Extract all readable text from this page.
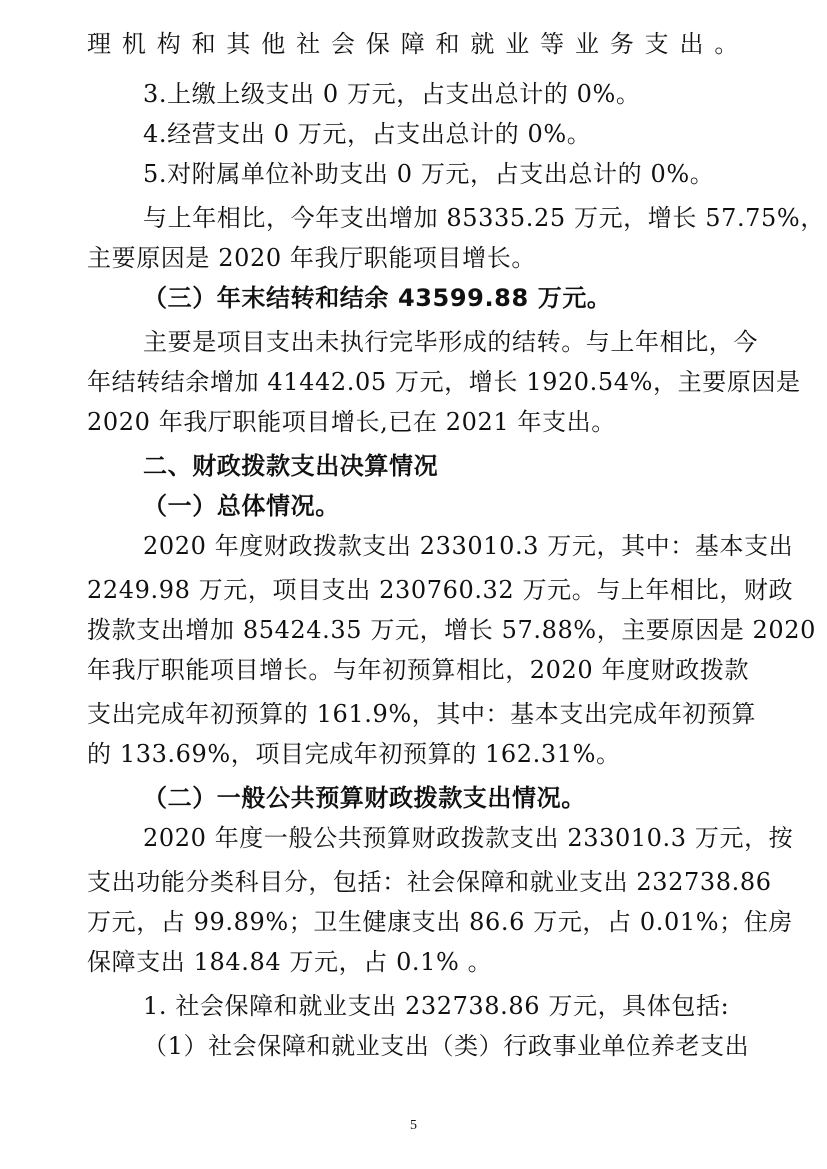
理机构和其他社会保障和就业等业务支出。
3.上缴上级支出 0 万元，占支出总计的 0%。
4.经营支出 0 万元，占支出总计的 0%。
5.对附属单位补助支出 0 万元，占支出总计的 0%。
与上年相比，今年支出增加 85335.25 万元，增长 57.75%，
主要原因是 2020 年我厅职能项目增长。
（三）年末结转和结余 43599.88 万元。
主要是项目支出未执行完毕形成的结转。与上年相比，今
年结转结余增加 41442.05 万元，增长 1920.54%，主要原因是
2020 年我厅职能项目增长,已在 2021 年支出。
二、财政拨款支出决算情况
（一）总体情况。
2020 年度财政拨款支出 233010.3 万元，其中：基本支出
2249.98 万元，项目支出 230760.32 万元。与上年相比，财政
拨款支出增加 85424.35 万元，增长 57.88%，主要原因是 2020
年我厅职能项目增长。与年初预算相比，2020 年度财政拨款
支出完成年初预算的 161.9%，其中：基本支出完成年初预算
的 133.69%，项目完成年初预算的 162.31%。
（二）一般公共预算财政拨款支出情况。
2020 年度一般公共预算财政拨款支出 233010.3 万元，按
支出功能分类科目分，包括：社会保障和就业支出 232738.86
万元，占 99.89%；卫生健康支出 86.6 万元，占 0.01%；住房
保障支出 184.84 万元，占 0.1% 。
1. 社会保障和就业支出 232738.86 万元，具体包括:
（1）社会保障和就业支出（类）行政事业单位养老支出
5
